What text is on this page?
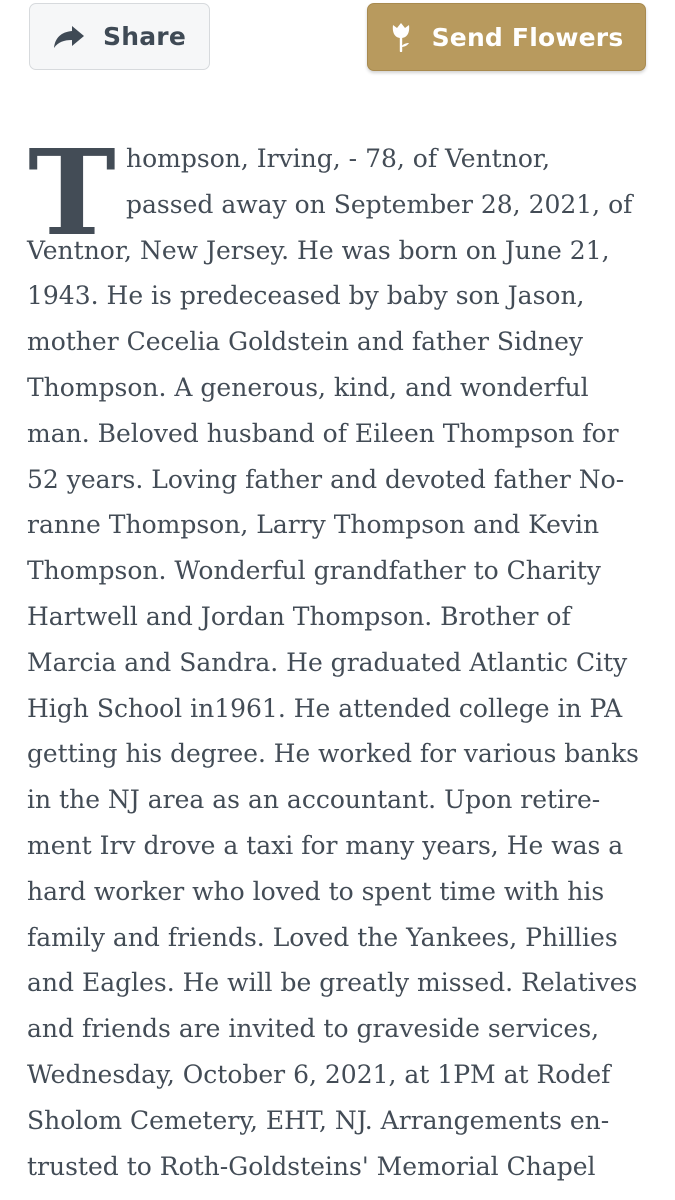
Share	Send Flowers
T hompson, Irving, - 78, of Ventnor,
passed away on September 28, 2021, of
Ventnor, New Jersey. He was born on June 21,
1943. He is predeceased by baby son Jason,
mother Cecelia Goldstein and father Sidney
Thompson. A generous, kind, and wonderful
man. Beloved husband of Eileen Thompson for
52 years. Loving father and devoted father No-
ranne Thompson, Larry Thompson and Kevin
Thompson. Wonderful grandfather to Charity
Hartwell and Jordan Thompson. Brother of
Marcia and Sandra. He graduated Atlantic City
High School in1961. He attended college in PA
getting his degree. He worked for various banks
in the NJ area as an accountant. Upon retire-
ment Irv drove a taxi for many years, He was a
hard worker who loved to spent time with his
family and friends. Loved the Yankees, Phillies
and Eagles. He will be greatly missed. Relatives
and friends are invited to graveside services,
Wednesday, October 6, 2021, at 1PM at Rodef
Sholom Cemetery, EHT, NJ. Arrangements en-
trusted to Roth-Goldsteins' Memorial Chapel
